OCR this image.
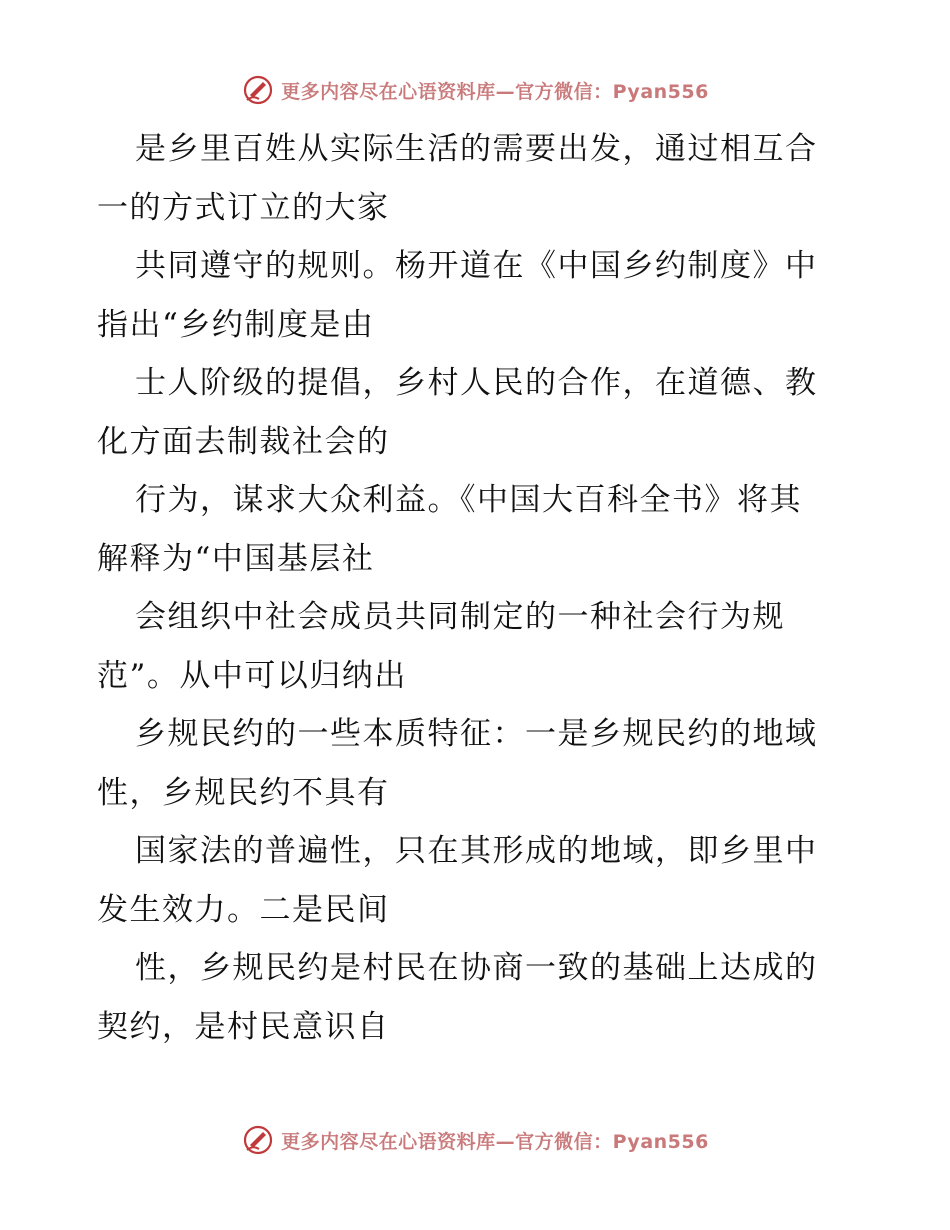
更多内容尽在心语资料库—官方微信：Pyan556
是乡里百姓从实际生活的需要出发，通过相互合
一的方式订立的大家
共同遵守的规则。杨开道在《中国乡约制度》中
指出“乡约制度是由
士人阶级的提倡，乡村人民的合作，在道德、教
化方面去制裁社会的
行为，谋求大众利益。《中国大百科全书》将其
解释为“中国基层社
会组织中社会成员共同制定的一种社会行为规
范”。从中可以归纳出
乡规民约的一些本质特征：一是乡规民约的地域
性，乡规民约不具有
国家法的普遍性，只在其形成的地域，即乡里中
发生效力。二是民间
性，乡规民约是村民在协商一致的基础上达成的
契约，是村民意识自
更多内容尽在心语资料库—官方微信：Pyan556
